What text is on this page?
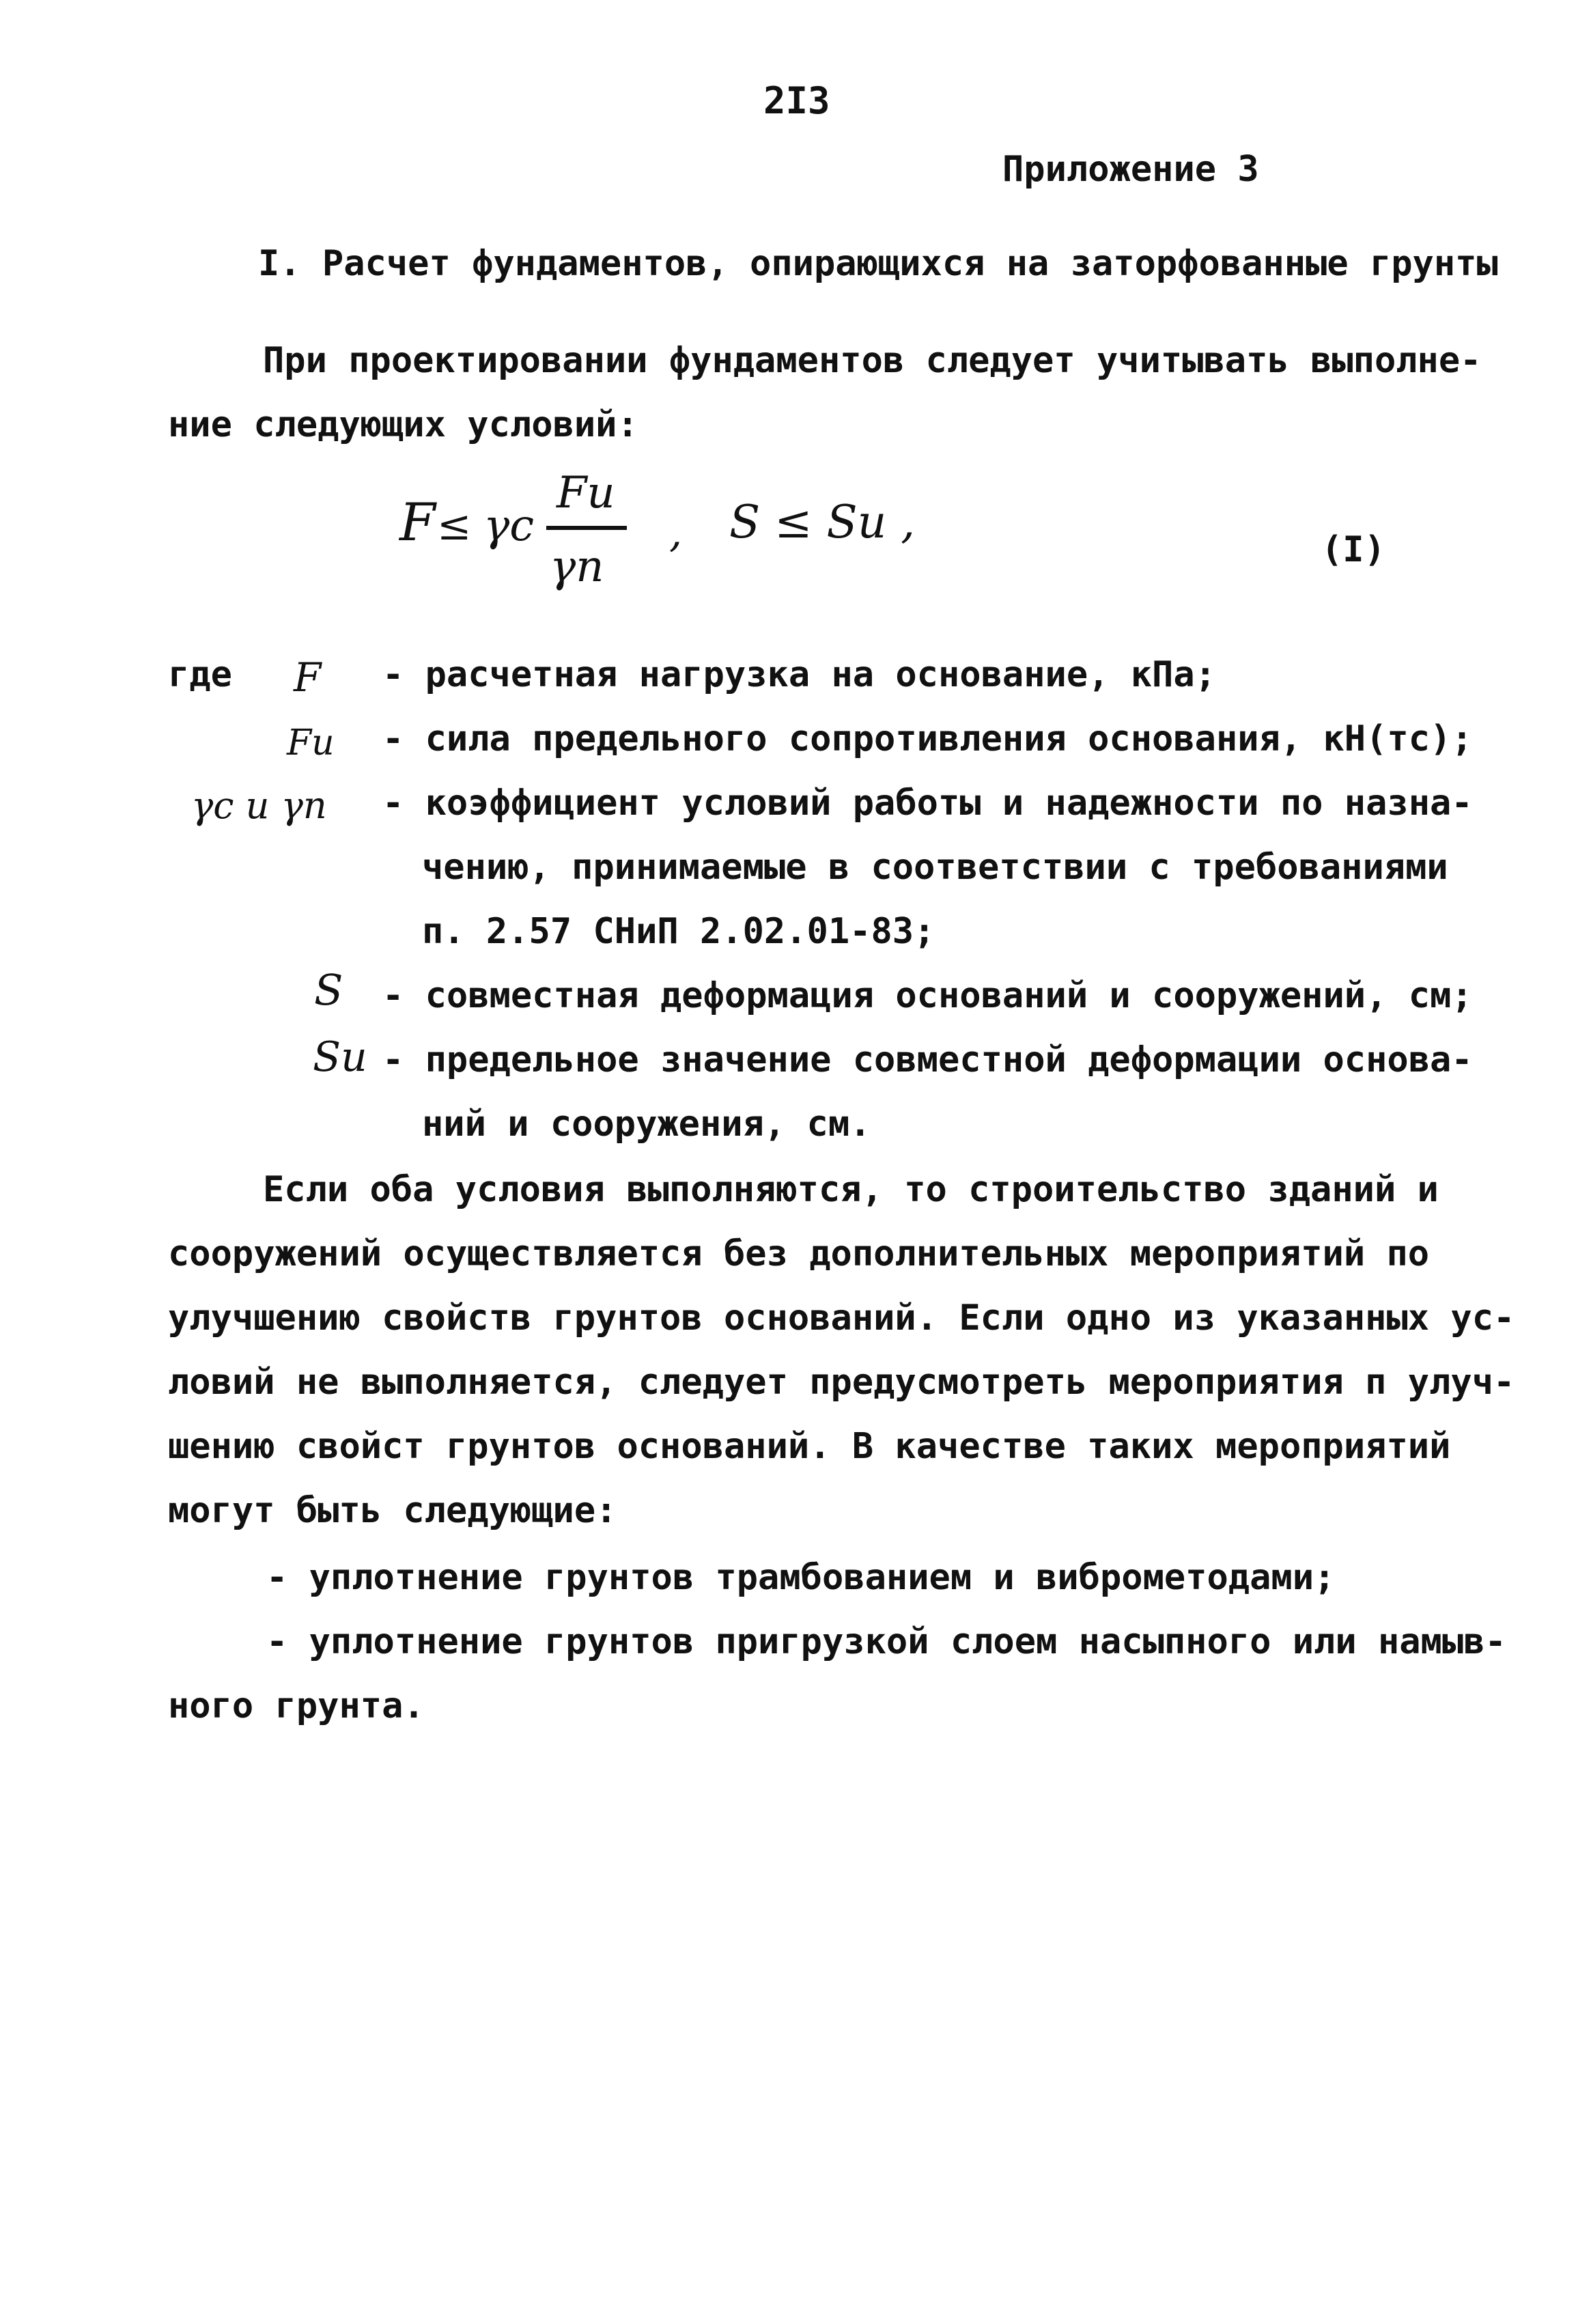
2I3
Приложение 3
I. Расчет фундаментов, опирающихся на заторфованные грунты
При проектировании фундаментов следует учитывать выполне-
ние следующих условий:
F ≤ γc
Fu
γn
, S ≤ Su ,
(I)
где F - расчетная нагрузка на основание, кПа;
Fu - сила предельного сопротивления основания, кН(тс);
γc и γn - коэффициент условий работы и надежности по назна-
чению, принимаемые в соответствии с требованиями
п. 2.57 СНиП 2.02.01-83;
S - совместная деформация оснований и сооружений, см;
Su - предельное значение совместной деформации основа-
ний и сооружения, см.
Если оба условия выполняются, то строительство зданий и
сооружений осуществляется без дополнительных мероприятий по
улучшению свойств грунтов оснований. Если одно из указанных ус-
ловий не выполняется, следует предусмотреть мероприятия п улуч-
шению свойст грунтов оснований. В качестве таких мероприятий
могут быть следующие:
- уплотнение грунтов трамбованием и виброметодами;
- уплотнение грунтов пригрузкой слоем насыпного или намыв-
ного грунта.
